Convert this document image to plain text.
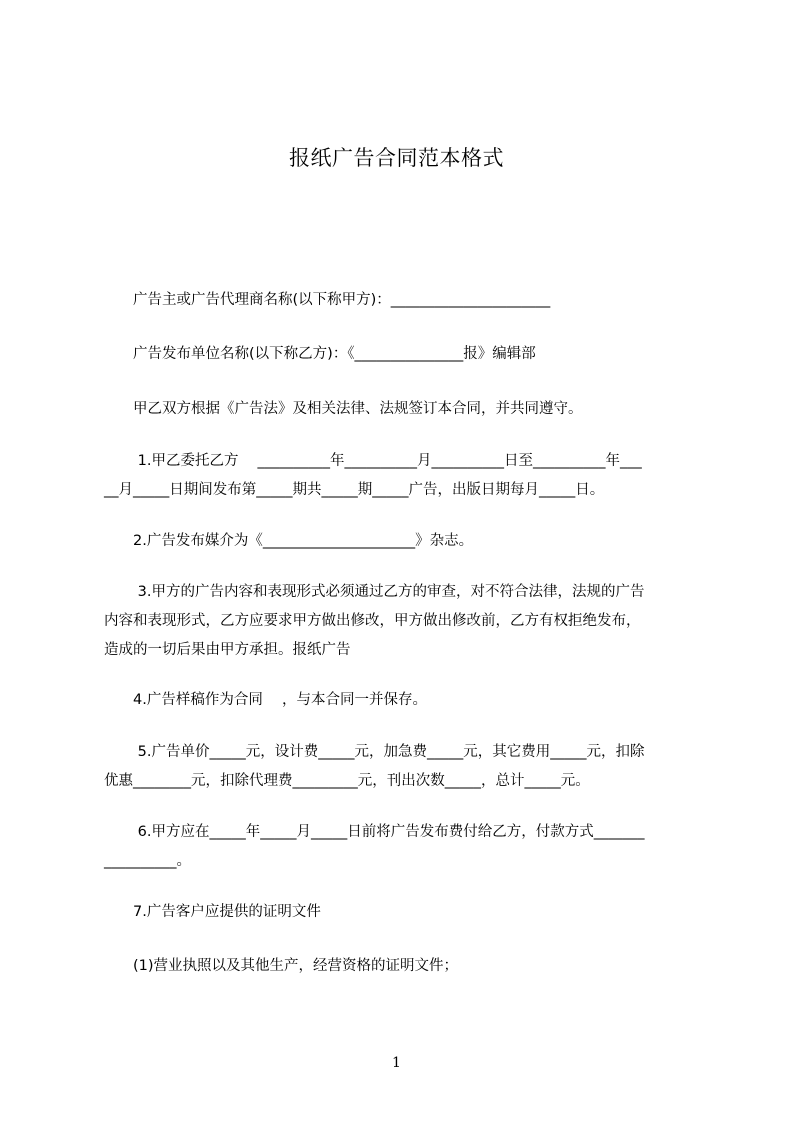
报纸广告合同范本格式
　　广告主或广告代理商名称(以下称甲方)：______________________
　　广告发布单位名称(以下称乙方)：《_______________报》编辑部
　　甲乙双方根据《广告法》及相关法律、法规签订本合同，并共同遵守。
　　 1.甲乙委托乙方　 __________年__________月__________日至__________年___
__月_____日期间发布第_____期共_____期_____广告，出版日期每月_____日。
　　2.广告发布媒介为《_____________________》杂志。
　　 3.甲方的广告内容和表现形式必须通过乙方的审查，对不符合法律，法规的广告
内容和表现形式，乙方应要求甲方做出修改，甲方做出修改前，乙方有权拒绝发布，
造成的一切后果由甲方承担。报纸广告
　　4.广告样稿作为合同　 ，与本合同一并保存。
　　 5.广告单价_____元，设计费_____元，加急费_____元，其它费用_____元，扣除
优惠________元，扣除代理费_________元，刊出次数_____，总计_____元。
　　 6.甲方应在_____年_____月_____日前将广告发布费付给乙方，付款方式_______
__________。
　　7.广告客户应提供的证明文件
　　(1)营业执照以及其他生产，经营资格的证明文件；
1
